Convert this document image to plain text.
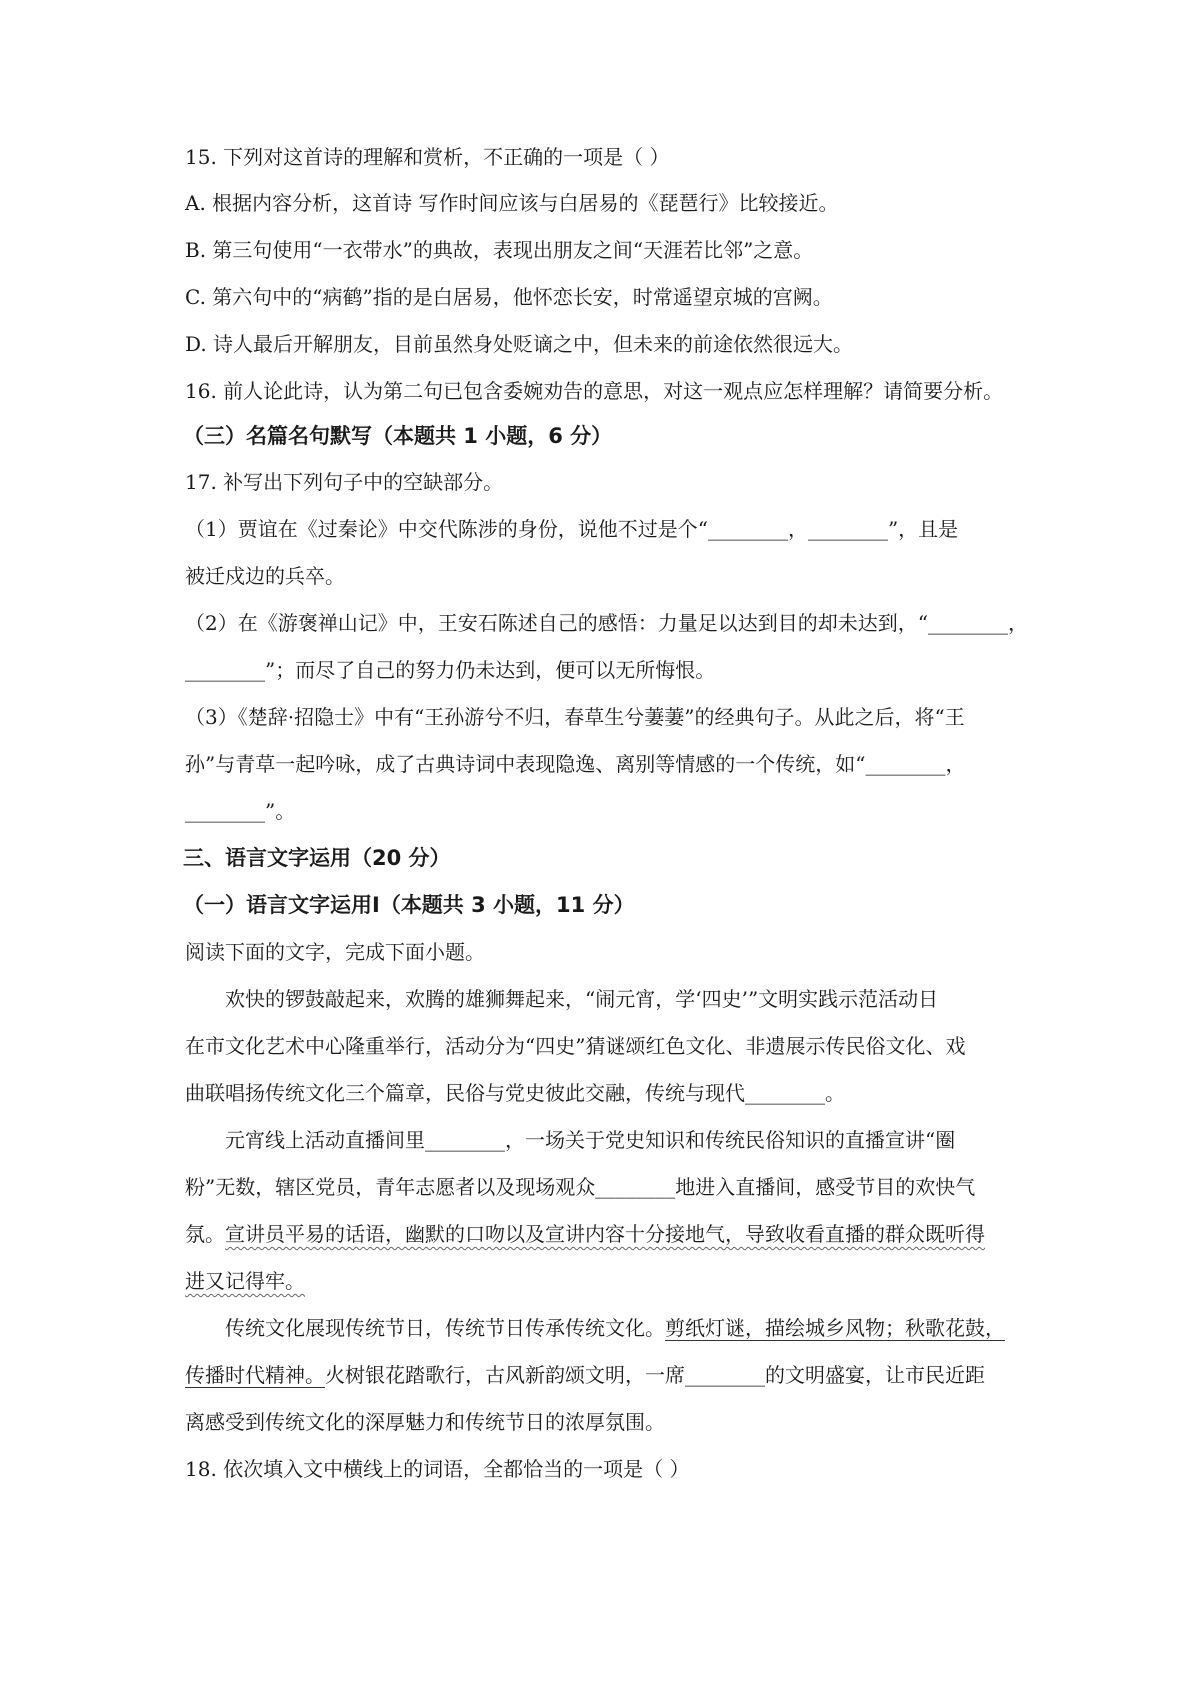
15. 下列对这首诗的理解和赏析，不正确的一项是（ ）
A. 根据内容分析，这首诗 写作时间应该与白居易的《琵琶行》比较接近。
B. 第三句使用“一衣带水”的典故，表现出朋友之间“天涯若比邻”之意。
C. 第六句中的“病鹤”指的是白居易，他怀恋长安，时常遥望京城的宫阙。
D. 诗人最后开解朋友，目前虽然身处贬谪之中，但未来的前途依然很远大。
16. 前人论此诗，认为第二句已包含委婉劝告的意思，对这一观点应怎样理解？请简要分析。
（三）名篇名句默写（本题共 1 小题，6 分）
17. 补写出下列句子中的空缺部分。
（1）贾谊在《过秦论》中交代陈涉的身份，说他不过是个“________，________”，且是
被迁戍边的兵卒。
（2）在《游褒禅山记》中，王安石陈述自己的感悟：力量足以达到目的却未达到，“________，
________”；而尽了自己的努力仍未达到，便可以无所悔恨。
（3）《楚辞·招隐士》中有“王孙游兮不归，春草生兮萋萋”的经典句子。从此之后，将“王
孙”与青草一起吟咏，成了古典诗词中表现隐逸、离别等情感的一个传统，如“________，
________”。
三、语言文字运用（20 分）
（一）语言文字运用Ⅰ（本题共 3 小题，11 分）
阅读下面的文字，完成下面小题。
欢快的锣鼓敲起来，欢腾的雄狮舞起来，“闹元宵，学‘四史’”文明实践示范活动日
在市文化艺术中心隆重举行，活动分为“四史”猜谜颂红色文化、非遗展示传民俗文化、戏
曲联唱扬传统文化三个篇章，民俗与党史彼此交融，传统与现代________。
元宵线上活动直播间里________，一场关于党史知识和传统民俗知识的直播宣讲“圈
粉”无数，辖区党员，青年志愿者以及现场观众________地进入直播间，感受节目的欢快气
氛。宣讲员平易的话语，幽默的口吻以及宣讲内容十分接地气，导致收看直播的群众既听得
进又记得牢。
传统文化展现传统节日，传统节日传承传统文化。剪纸灯谜，描绘城乡风物；秋歌花鼓，
传播时代精神。火树银花踏歌行，古风新韵颂文明，一席________的文明盛宴，让市民近距
离感受到传统文化的深厚魅力和传统节日的浓厚氛围。
18. 依次填入文中横线上的词语，全都恰当的一项是（ ）
